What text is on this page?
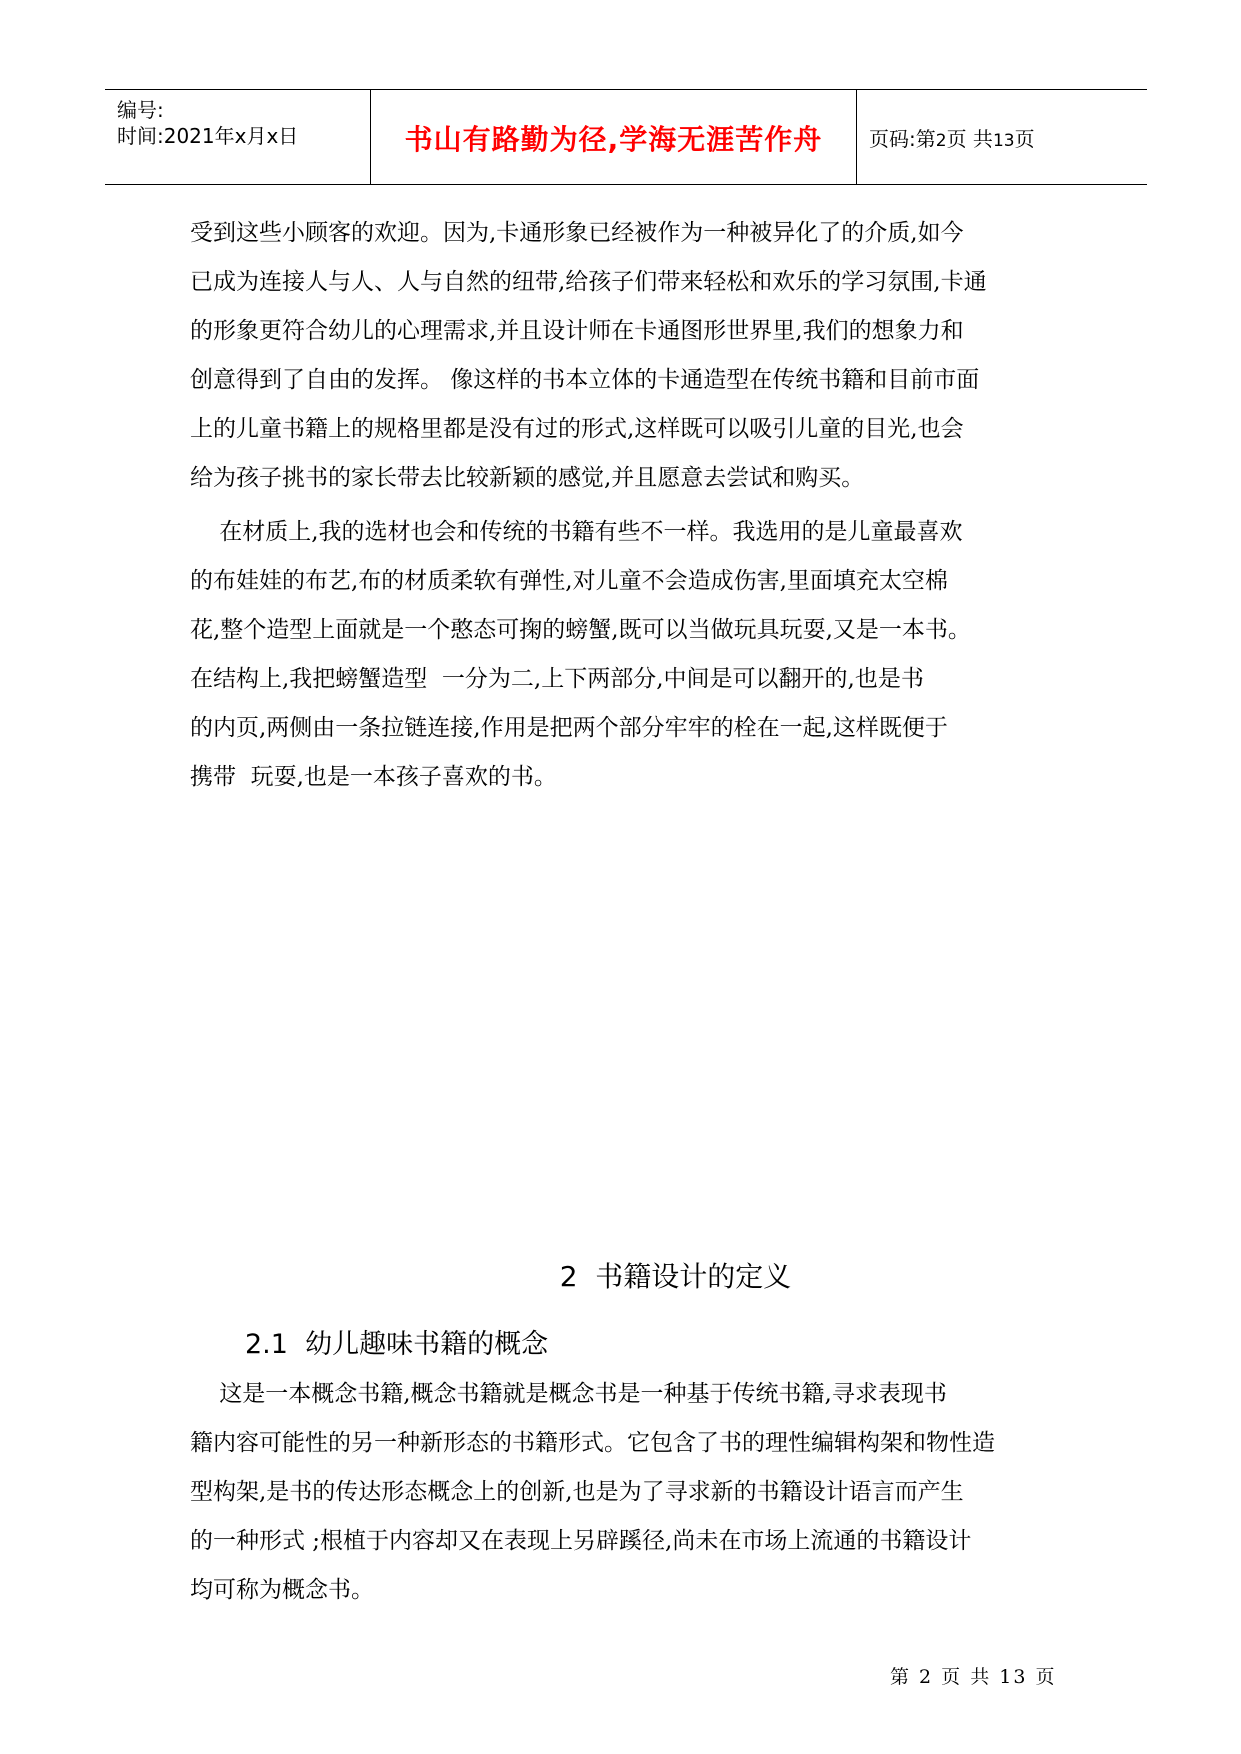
编号:
时间:2021年x月x日	书山有路勤为径,学海无涯苦作舟	页码:第2页 共13页
受到这些小顾客的欢迎。因为,卡通形象已经被作为一种被异化了的介质,如今
已成为连接人与人、人与自然的纽带,给孩子们带来轻松和欢乐的学习氛围,卡通
的形象更符合幼儿的心理需求,并且设计师在卡通图形世界里,我们的想象力和
创意得到了自由的发挥。 像这样的书本立体的卡通造型在传统书籍和目前市面
上的儿童书籍上的规格里都是没有过的形式,这样既可以吸引儿童的目光,也会
给为孩子挑书的家长带去比较新颖的感觉,并且愿意去尝试和购买。
在材质上,我的选材也会和传统的书籍有些不一样。我选用的是儿童最喜欢
的布娃娃的布艺,布的材质柔软有弹性,对儿童不会造成伤害,里面填充太空棉
花,整个造型上面就是一个憨态可掬的螃蟹,既可以当做玩具玩耍,又是一本书。
在结构上,我把螃蟹造型  一分为二,上下两部分,中间是可以翻开的,也是书
的内页,两侧由一条拉链连接,作用是把两个部分牢牢的栓在一起,这样既便于
携带  玩耍,也是一本孩子喜欢的书。
2  书籍设计的定义
2.1  幼儿趣味书籍的概念
这是一本概念书籍,概念书籍就是概念书是一种基于传统书籍,寻求表现书
籍内容可能性的另一种新形态的书籍形式。它包含了书的理性编辑构架和物性造
型构架,是书的传达形态概念上的创新,也是为了寻求新的书籍设计语言而产生
的一种形式 ;根植于内容却又在表现上另辟蹊径,尚未在市场上流通的书籍设计
均可称为概念书。
第 2 页 共 13 页
